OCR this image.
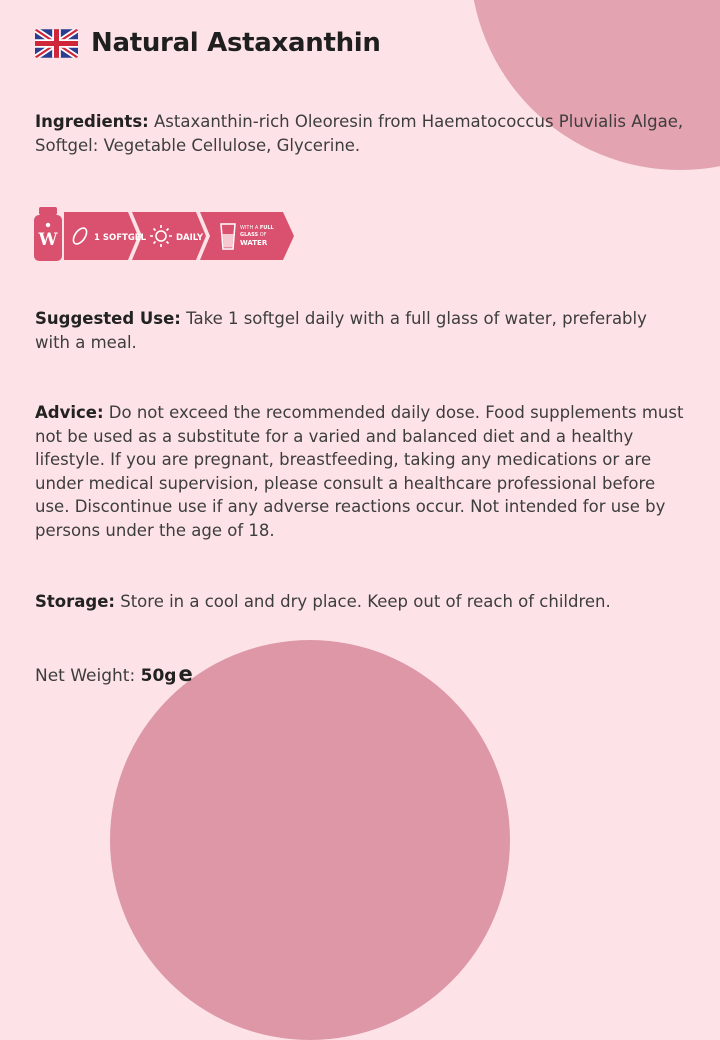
Natural Astaxanthin
Ingredients: Astaxanthin-rich Oleoresin from Haematococcus Pluvialis Algae, Softgel: Vegetable Cellulose, Glycerine.
W	1 SOFTGEL	DAILY
WITH A FULL
GLASS OF
WATER
Suggested Use: Take 1 softgel daily with a full glass of water, preferably with a meal.
Advice: Do not exceed the recommended daily dose. Food supplements must not be used as a substitute for a varied and balanced diet and a healthy lifestyle. If you are pregnant, breastfeeding, taking any medications or are under medical supervision, please consult a healthcare professional before use. Discontinue use if any adverse reactions occur. Not intended for use by persons under the age of 18.
Storage: Store in a cool and dry place. Keep out of reach of children.
Net Weight: 50ge
